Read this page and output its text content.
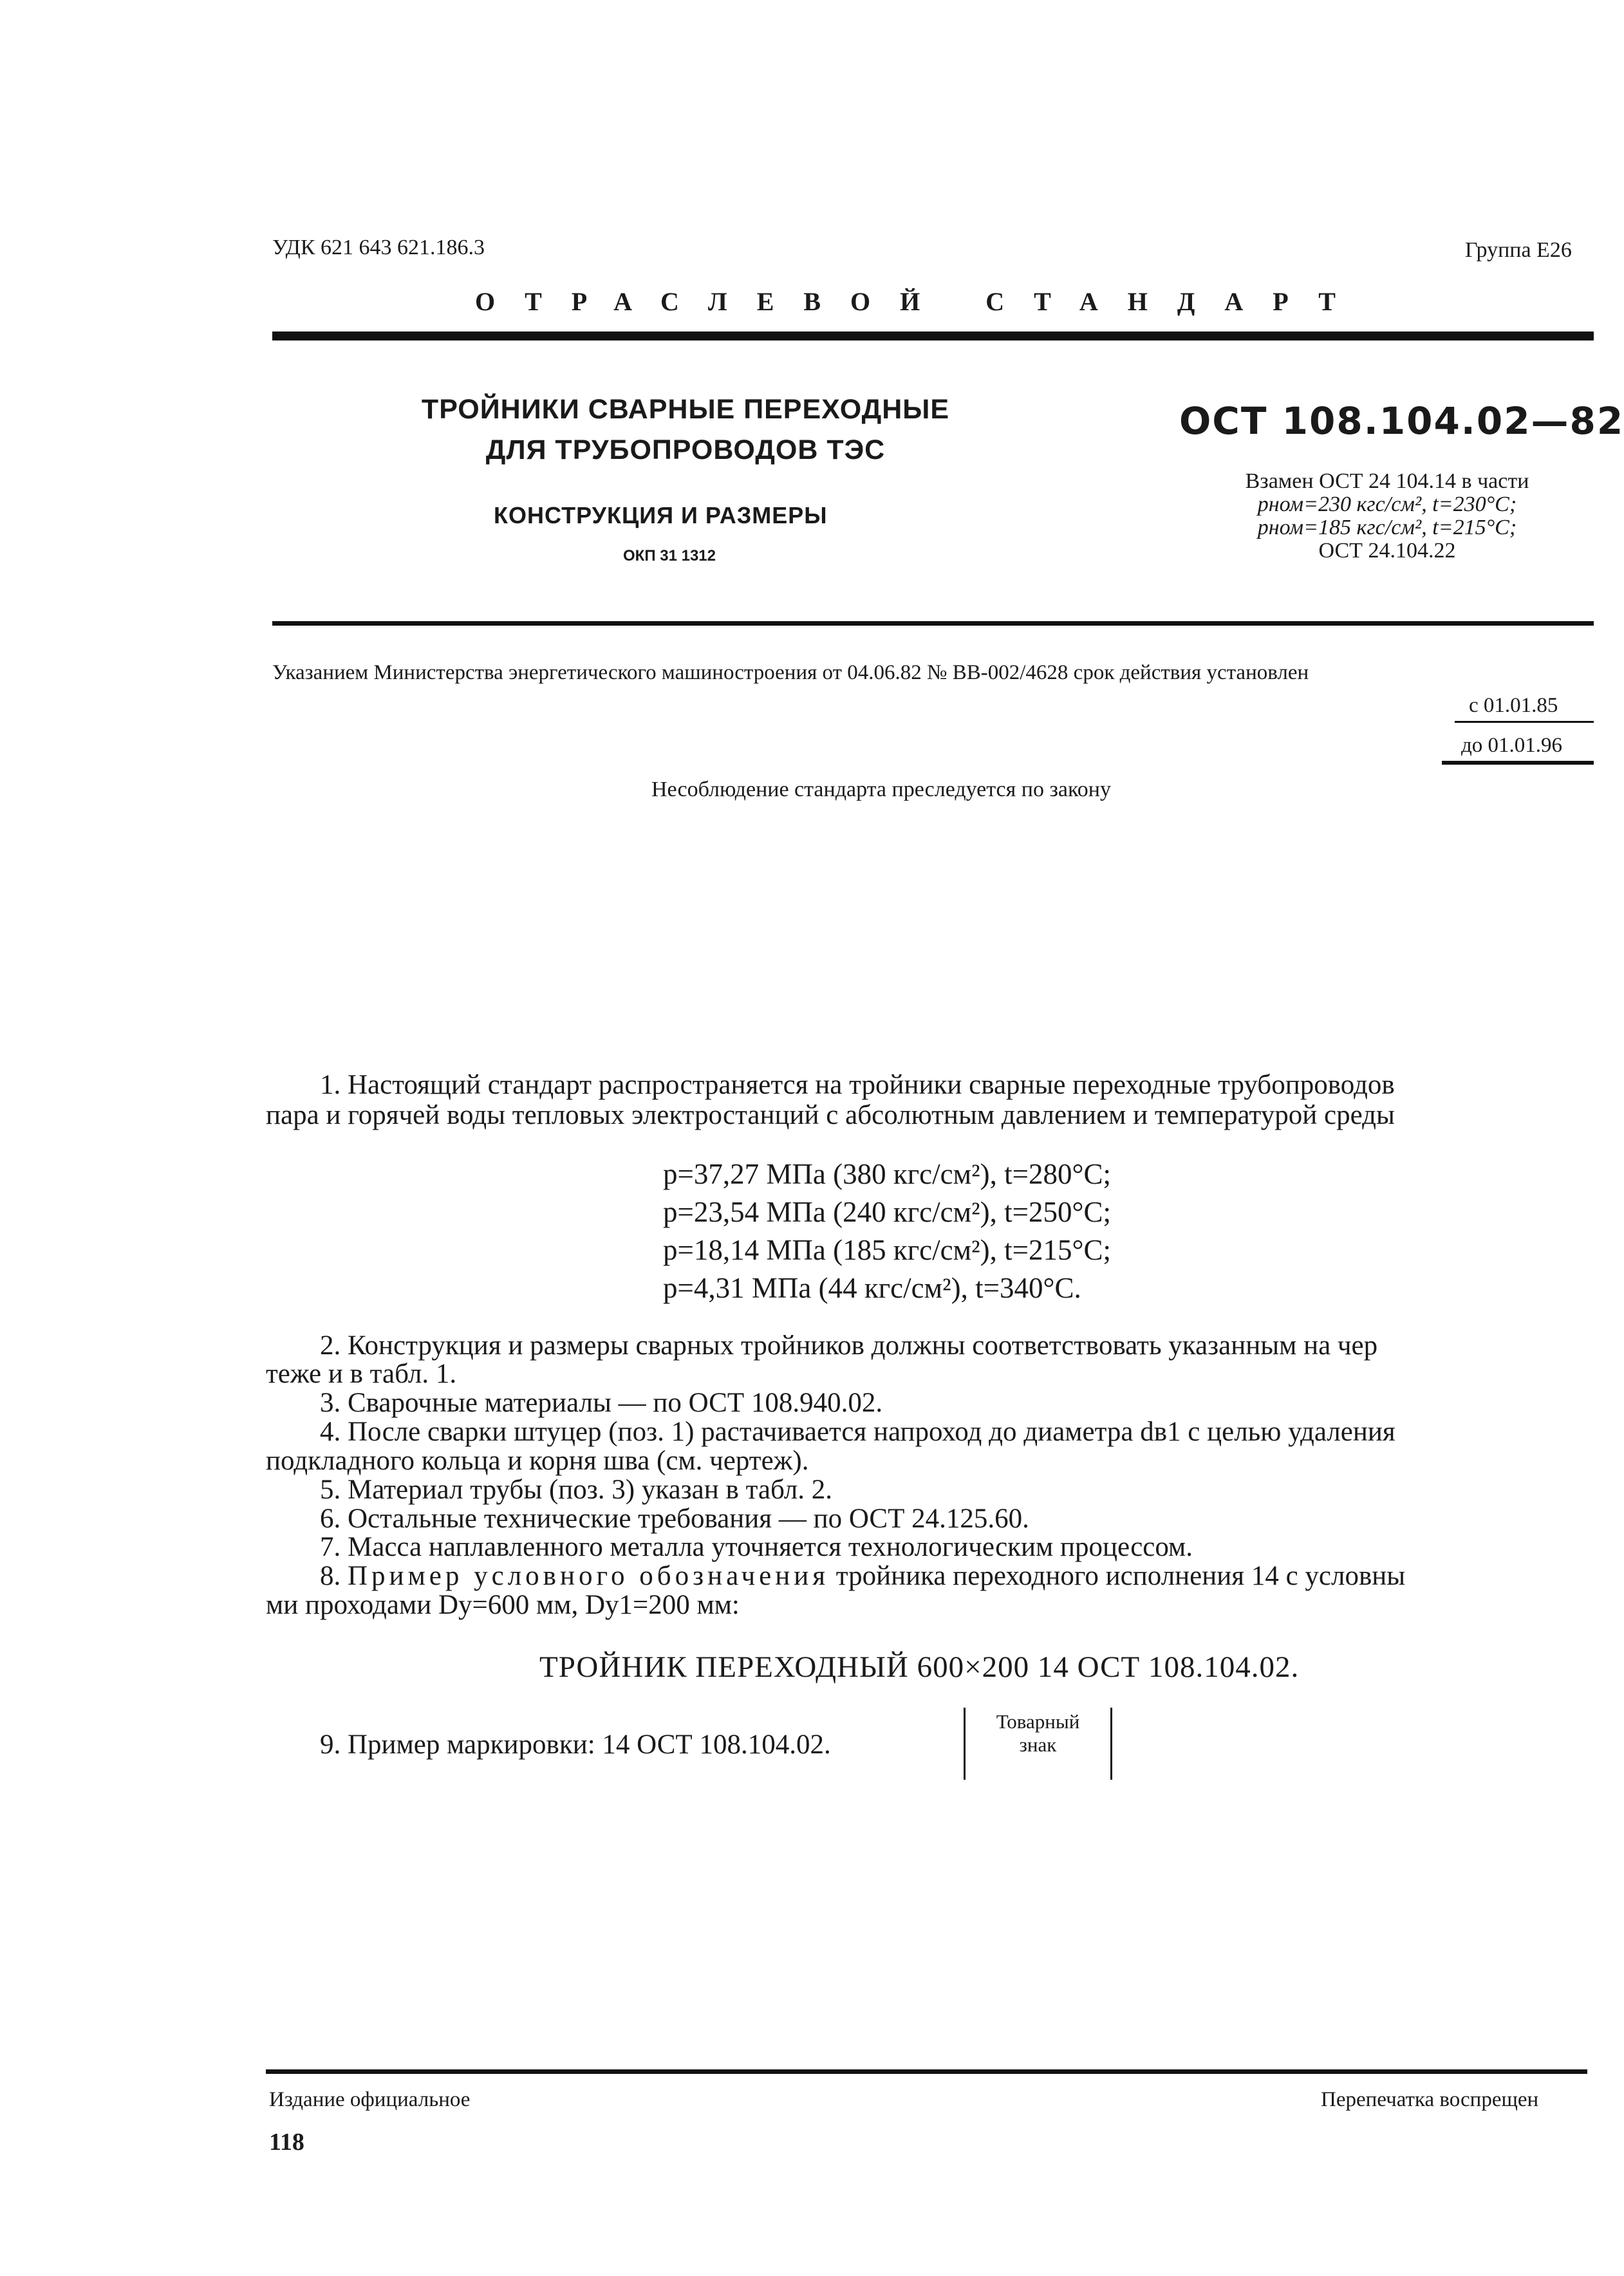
УДК 621 643 621.186.3	Группа Е26
ОТРАСЛЕВОЙ СТАНДАРТ
ТРОЙНИКИ СВАРНЫЕ ПЕРЕХОДНЫЕ
ДЛЯ ТРУБОПРОВОДОВ ТЭС
КОНСТРУКЦИЯ И РАЗМЕРЫ
ОКП 31 1312
ОСТ 108.104.02—82
Взамен ОСТ 24 104.14 в части
pном=230 кгс/см², t=230°С;
pном=185 кгс/см², t=215°С;
ОСТ 24.104.22
Указанием Министерства энергетического машиностроения от 04.06.82 № ВВ-002/4628 срок действия установлен
с 01.01.85
до 01.01.96
Несоблюдение стандарта преследуется по закону
1. Настоящий стандарт распространяется на тройники сварные переходные трубопроводов
пара и горячей воды тепловых электростанций с абсолютным давлением и температурой среды
p=37,27 МПа (380 кгс/см²), t=280°С;
p=23,54 МПа (240 кгс/см²), t=250°С;
p=18,14 МПа (185 кгс/см²), t=215°С;
p=4,31 МПа (44 кгс/см²), t=340°С.
2. Конструкция и размеры сварных тройников должны соответствовать указанным на чер
теже и в табл. 1.
3. Сварочные материалы — по ОСТ 108.940.02.
4. После сварки штуцер (поз. 1) растачивается напроход до диаметра dв1 с целью удаления
подкладного кольца и корня шва (см. чертеж).
5. Материал трубы (поз. 3) указан в табл. 2.
6. Остальные технические требования — по ОСТ 24.125.60.
7. Масса наплавленного металла уточняется технологическим процессом.
8. Пример условного обозначения тройника переходного исполнения 14 с условны
ми проходами Dу=600 мм, Dу1=200 мм:
ТРОЙНИК ПЕРЕХОДНЫЙ 600×200 14 ОСТ 108.104.02.
9. Пример маркировки: 14 ОСТ 108.104.02.
Товарный
знак
Издание официальное	Перепечатка воспрещен
118
